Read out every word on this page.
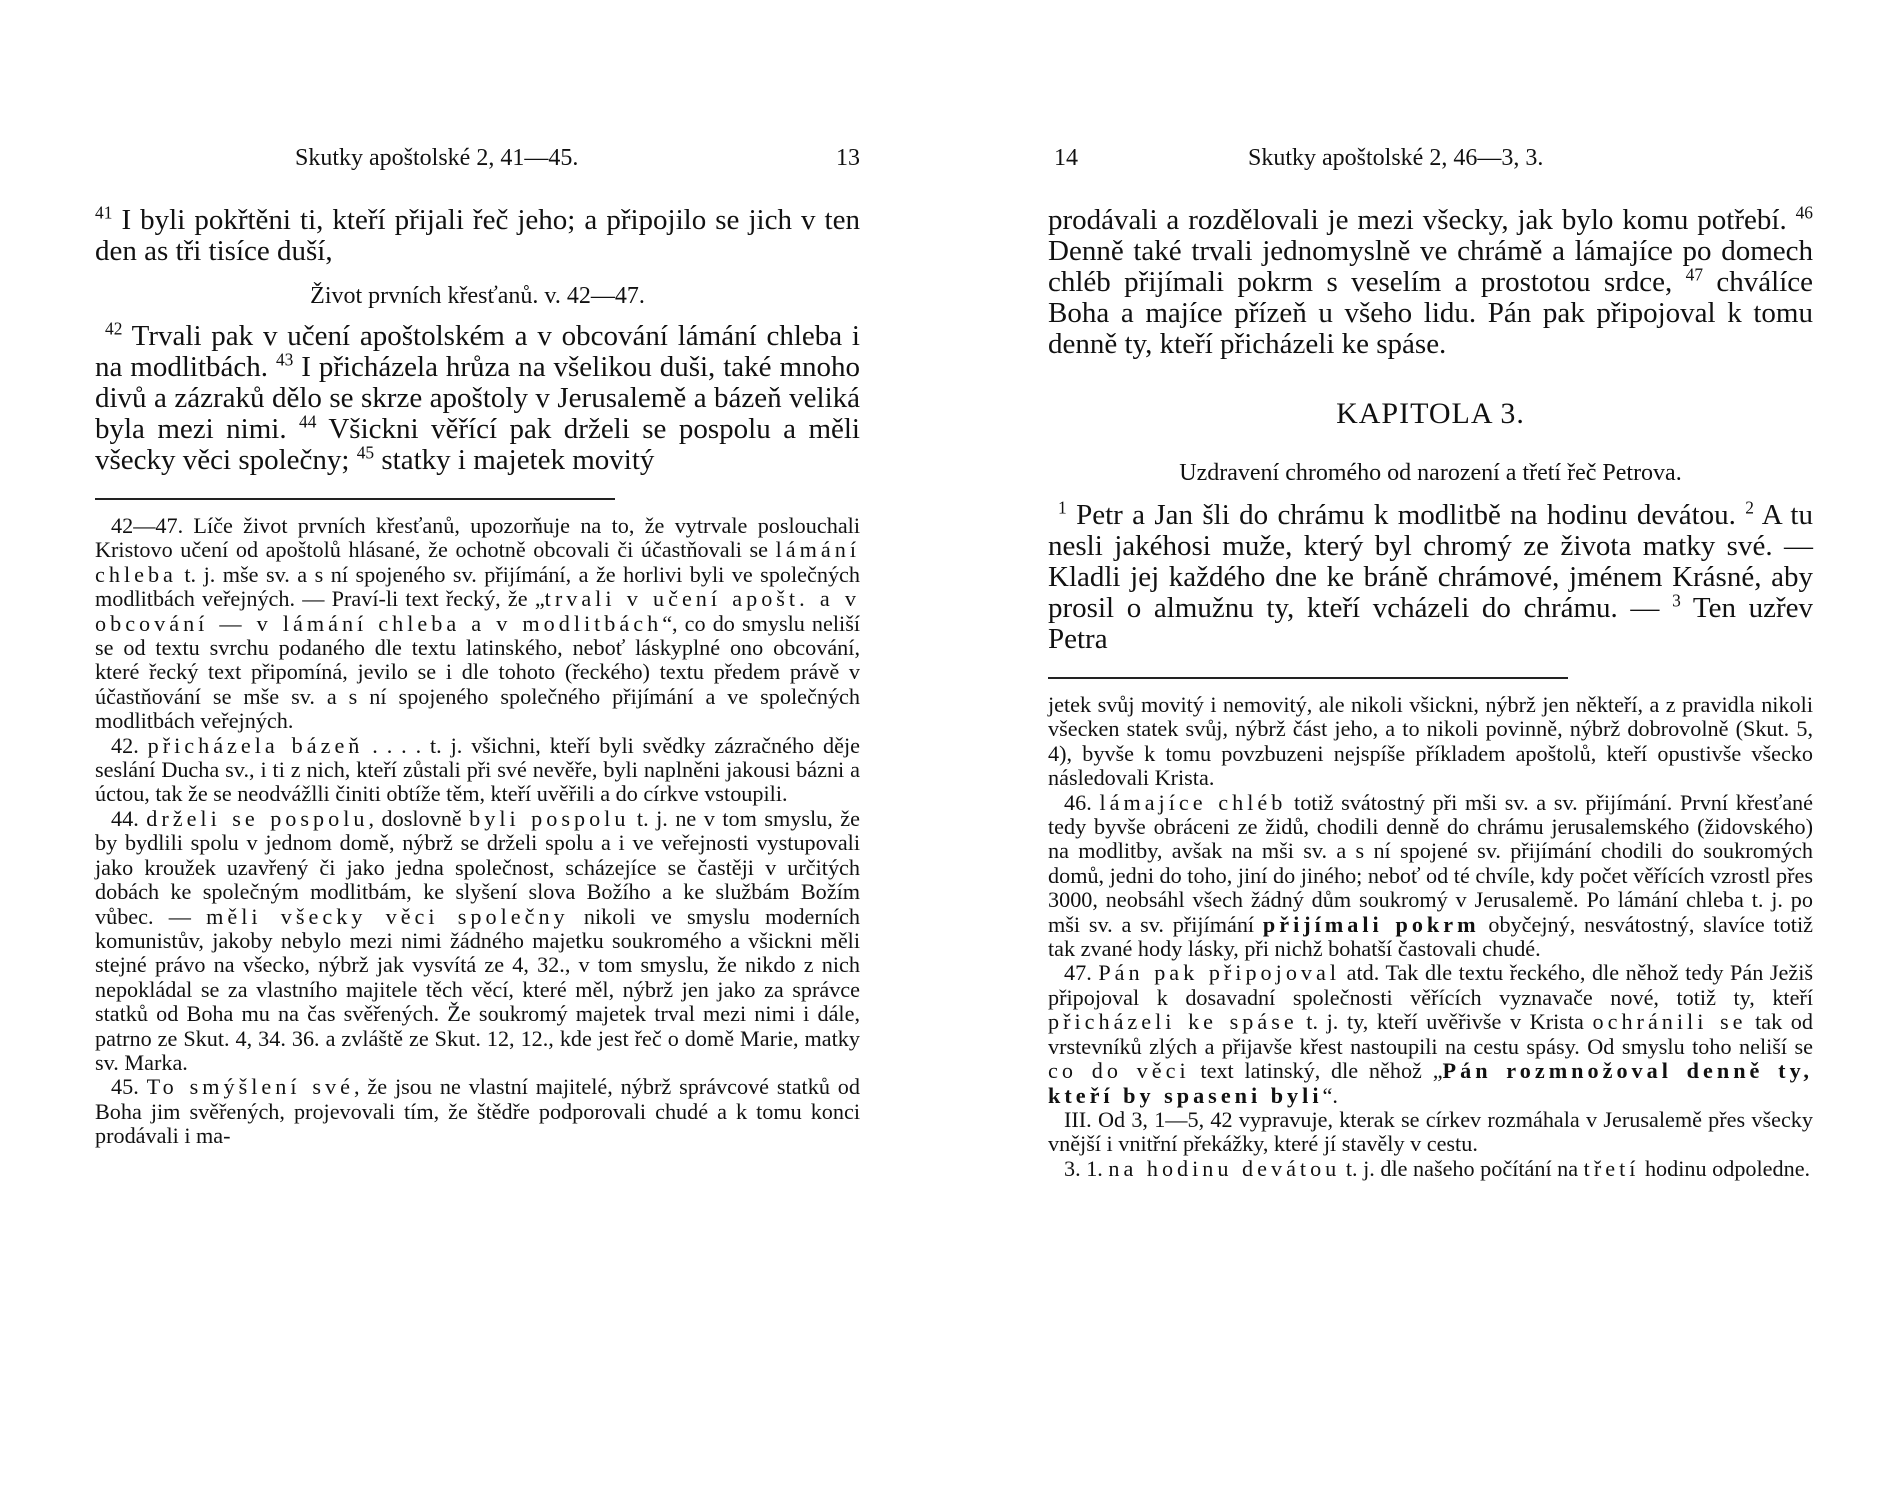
Skutky apoštolské 2, 41—45.	13

$^{41}$ I byli pokřtěni ti, kteří přijali řeč jeho; a připojilo se jich v ten den as tři tisíce duší,

Život prvních křesťanů. v. 42—47.

$^{42}$ Trvali pak v učení apoštolském a v obcování lámání chleba i na modlitbách. $^{43}$ I přicházela hrůza na všelikou duši, také mnoho divů a zázraků dělo se skrze apoštoly v Jerusalemě a bázeň veliká byla mezi nimi. $^{44}$ Všickni věřící pak drželi se pospolu a měli všecky věci společny; $^{45}$ statky i majetek movitý

42—47. Líče život prvních křesťanů, upozorňuje na to, že vytrvale poslouchali Kristovo učení od apoštolů hlásané, že ochotně obcovali či účastňovali se lámání chleba t. j. mše sv. a s ní spojeného sv. přijímání, a že horlivi byli ve společných modlitbách veřejných. — Praví-li text řecký, že „trvali v učení apošt. a v obcování — v lámání chleba a v modlitbách“, co do smyslu neliší se od textu svrchu podaného dle textu latinského, neboť láskyplné ono obcování, které řecký text připomíná, jevilo se i dle tohoto (řeckého) textu předem právě v účastňování se mše sv. a s ní spojeného společného přijímání a ve společných modlitbách veřejných.

42. přicházela bázeň . . . . t. j. všichni, kteří byli svědky zázračného děje seslání Ducha sv., i ti z nich, kteří zůstali při své nevěře, byli naplněni jakousi bázni a úctou, tak že se neodvážlli činiti obtíže těm, kteří uvěřili a do církve vstoupili.

44. drželi se pospolu, doslovně byli pospolu t. j. ne v tom smyslu, že by bydlili spolu v jednom domě, nýbrž se drželi spolu a i ve veřejnosti vystupovali jako kroužek uzavřený či jako jedna společnost, scházejíce se častěji v určitých dobách ke společným modlitbám, ke slyšení slova Božího a ke službám Božím vůbec. — měli všecky věci společny nikoli ve smyslu moderních komunistův, jakoby nebylo mezi nimi žádného majetku soukromého a všickni měli stejné právo na všecko, nýbrž jak vysvítá ze 4, 32., v tom smyslu, že nikdo z nich nepokládal se za vlastního majitele těch věcí, které měl, nýbrž jen jako za správce statků od Boha mu na čas svěřených. Že soukromý majetek trval mezi nimi i dále, patrno ze Skut. 4, 34. 36. a zvláště ze Skut. 12, 12., kde jest řeč o domě Marie, matky sv. Marka.

45. To smýšlení své, že jsou ne vlastní majitelé, nýbrž správcové statků od Boha jim svěřených, projevovali tím, že štědře podporovali chudé a k tomu konci prodávali i ma-

14	Skutky apoštolské 2, 46—3, 3.

prodávali a rozdělovali je mezi všecky, jak bylo komu potřebí. $^{46}$ Denně také trvali jednomyslně ve chrámě a lámajíce po domech chléb přijímali pokrm s veselím a prostotou srdce, $^{47}$ chválíce Boha a majíce přízeň u všeho lidu. Pán pak připojoval k tomu denně ty, kteří přicházeli ke spáse.

KAPITOLA 3.
Uzdravení chromého od narození a třetí řeč Petrova.

$^1$ Petr a Jan šli do chrámu k modlitbě na hodinu devátou. $^2$ A tu nesli jakéhosi muže, který byl chromý ze života matky své. — Kladli jej každého dne ke bráně chrámové, jménem Krásné, aby prosil o almužnu ty, kteří vcházeli do chrámu. — $^3$ Ten uzřev Petra

jetek svůj movitý i nemovitý, ale nikoli všickni, nýbrž jen někteří, a z pravidla nikoli všecken statek svůj, nýbrž část jeho, a to nikoli povinně, nýbrž dobrovolně (Skut. 5, 4), byvše k tomu povzbuzeni nejspíše příkladem apoštolů, kteří opustivše všecko následovali Krista.

46. lámajíce chléb totiž svátostný při mši sv. a sv. přijímání. První křesťané tedy byvše obráceni ze židů, chodili denně do chrámu jerusalemského (židovského) na modlitby, avšak na mši sv. a s ní spojené sv. přijímání chodili do soukromých domů, jedni do toho, jiní do jiného; neboť od té chvíle, kdy počet věřících vzrostl přes 3000, neobsáhl všech žádný dům soukromý v Jerusalemě. Po lámání chleba t. j. po mši sv. a sv. přijímání přijímali pokrm obyčejný, nesvátostný, slavíce totiž tak zvané hody lásky, při nichž bohatší častovali chudé.

47. Pán pak připojoval atd. Tak dle textu řeckého, dle něhož tedy Pán Ježiš připojoval k dosavadní společnosti věřících vyznavače nové, totiž ty, kteří přicházeli ke spáse t. j. ty, kteří uvěřivše v Krista ochránili se tak od vrstevníků zlých a přijavše křest nastoupili na cestu spásy. Od smyslu toho neliší se co do věci text latinský, dle něhož „Pán rozmnožoval denně ty, kteří by spaseni byli“.

III. Od 3, 1—5, 42 vypravuje, kterak se církev rozmáhala v Jerusalemě přes všecky vnější i vnitřní překážky, které jí stavěly v cestu.

3. 1. na hodinu devátou t. j. dle našeho počítání na třetí hodinu odpoledne.
